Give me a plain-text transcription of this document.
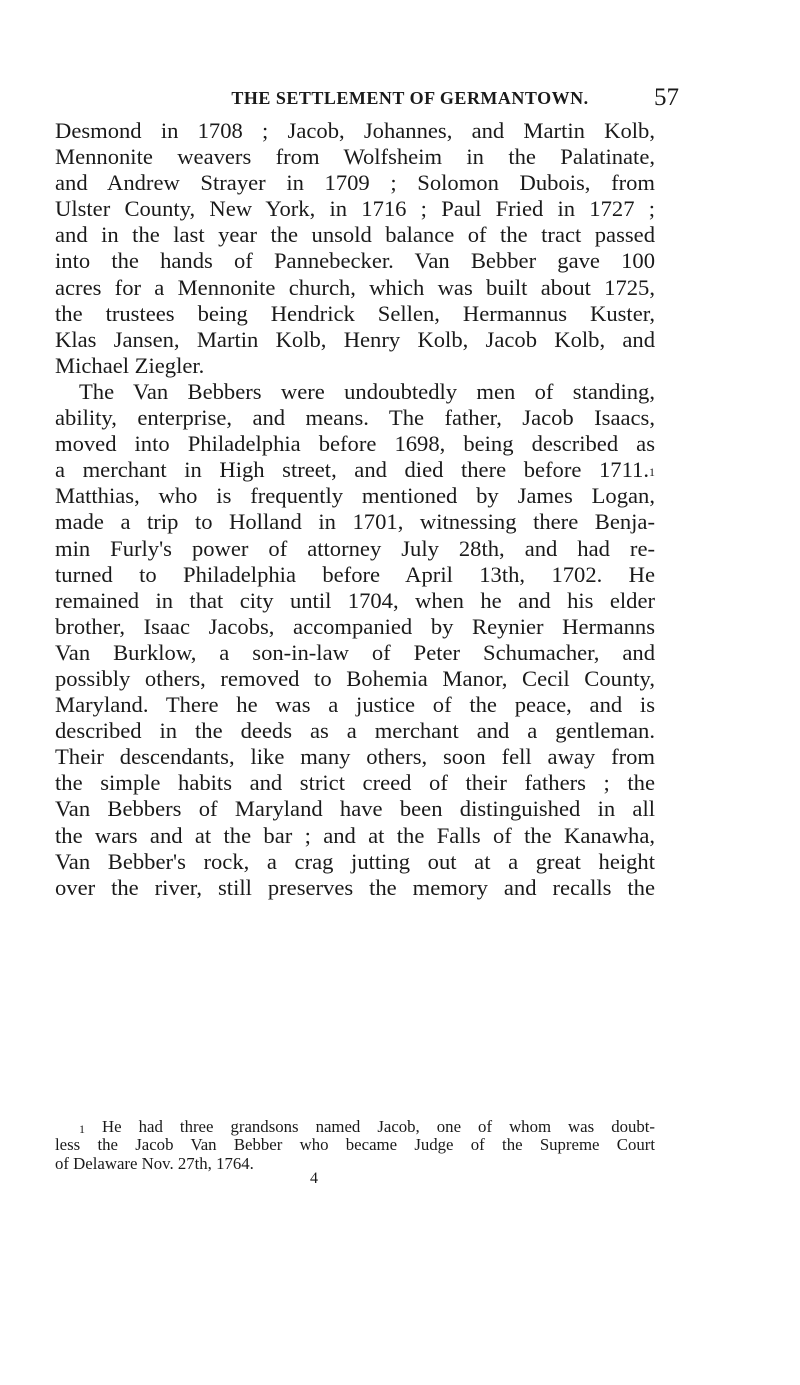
THE SETTLEMENT OF GERMANTOWN.	57
Desmond in 1708 ; Jacob, Johannes, and Martin Kolb,
Mennonite weavers from Wolfsheim in the Palatinate,
and Andrew Strayer in 1709 ; Solomon Dubois, from
Ulster County, New York, in 1716 ; Paul Fried in 1727 ;
and in the last year the unsold balance of the tract passed
into the hands of Pannebecker. Van Bebber gave 100
acres for a Mennonite church, which was built about 1725,
the trustees being Hendrick Sellen, Hermannus Kuster,
Klas Jansen, Martin Kolb, Henry Kolb, Jacob Kolb, and
Michael Ziegler.
The Van Bebbers were undoubtedly men of standing,
ability, enterprise, and means. The father, Jacob Isaacs,
moved into Philadelphia before 1698, being described as
a merchant in High street, and died there before 1711.$^1$
Matthias, who is frequently mentioned by James Logan,
made a trip to Holland in 1701, witnessing there Benja-
min Furly's power of attorney July 28th, and had re-
turned to Philadelphia before April 13th, 1702. He
remained in that city until 1704, when he and his elder
brother, Isaac Jacobs, accompanied by Reynier Hermanns
Van Burklow, a son-in-law of Peter Schumacher, and
possibly others, removed to Bohemia Manor, Cecil County,
Maryland. There he was a justice of the peace, and is
described in the deeds as a merchant and a gentleman.
Their descendants, like many others, soon fell away from
the simple habits and strict creed of their fathers ; the
Van Bebbers of Maryland have been distinguished in all
the wars and at the bar ; and at the Falls of the Kanawha,
Van Bebber's rock, a crag jutting out at a great height
over the river, still preserves the memory and recalls the
$^1$ He had three grandsons named Jacob, one of whom was doubt-
less the Jacob Van Bebber who became Judge of the Supreme Court
of Delaware Nov. 27th, 1764.
4
